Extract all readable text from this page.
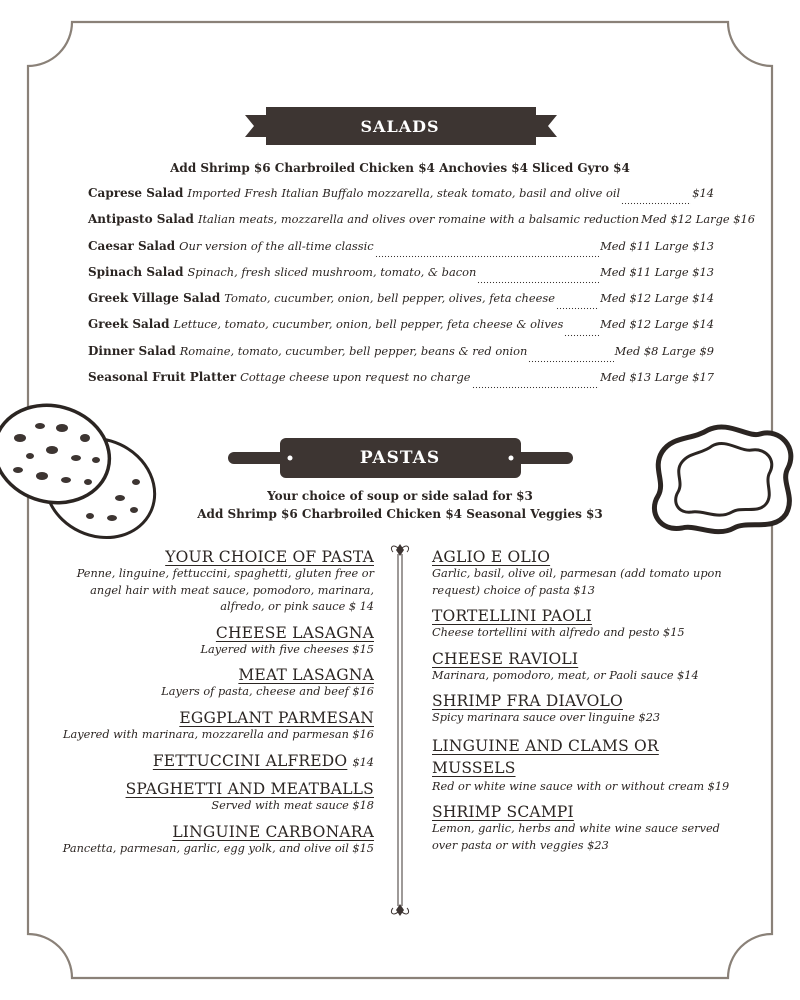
SALADS
Add Shrimp $6 Charbroiled Chicken $4 Anchovies $4 Sliced Gyro $4
Caprese Salad Imported Fresh Italian Buffalo mozzarella, steak tomato, basil and olive oil	$14
Antipasto Salad Italian meats, mozzarella and olives over romaine with a balsamic reduction Med $12 Large $16
Caesar Salad Our version of the all-time classic	Med $11 Large $13
Spinach Salad Spinach, fresh sliced mushroom, tomato, & bacon	Med $11 Large $13
Greek Village Salad Tomato, cucumber, onion, bell pepper, olives, feta cheese	Med $12 Large $14
Greek Salad Lettuce, tomato, cucumber, onion, bell pepper, feta cheese & olives	Med $12 Large $14
Dinner Salad Romaine, tomato, cucumber, bell pepper, beans & red onion	Med $8 Large $9
Seasonal Fruit Platter Cottage cheese upon request no charge	Med $13 Large $17
PASTAS
Your choice of soup or side salad for $3
Add Shrimp $6 Charbroiled Chicken $4 Seasonal Veggies $3
YOUR CHOICE OF PASTA
Penne, linguine, fettuccini, spaghetti, gluten free or angel hair with meat sauce, pomodoro, marinara, alfredo, or pink sauce $ 14
CHEESE LASAGNA
Layered with five cheeses $15
MEAT LASAGNA
Layers of pasta, cheese and beef $16
EGGPLANT PARMESAN
Layered with marinara, mozzarella and parmesan $16
FETTUCCINI ALFREDO $14
SPAGHETTI AND MEATBALLS
Served with meat sauce $18
LINGUINE CARBONARA
Pancetta, parmesan, garlic, egg yolk, and olive oil $15
AGLIO E OLIO
Garlic, basil, olive oil, parmesan (add tomato upon request) choice of pasta $13
TORTELLINI PAOLI
Cheese tortellini with alfredo and pesto $15
CHEESE RAVIOLI
Marinara, pomodoro, meat, or Paoli sauce $14
SHRIMP FRA DIAVOLO
Spicy marinara sauce over linguine $23
LINGUINE AND CLAMS OR MUSSELS
Red or white wine sauce with or without cream $19
SHRIMP SCAMPI
Lemon, garlic, herbs and white wine sauce served over pasta or with veggies $23
